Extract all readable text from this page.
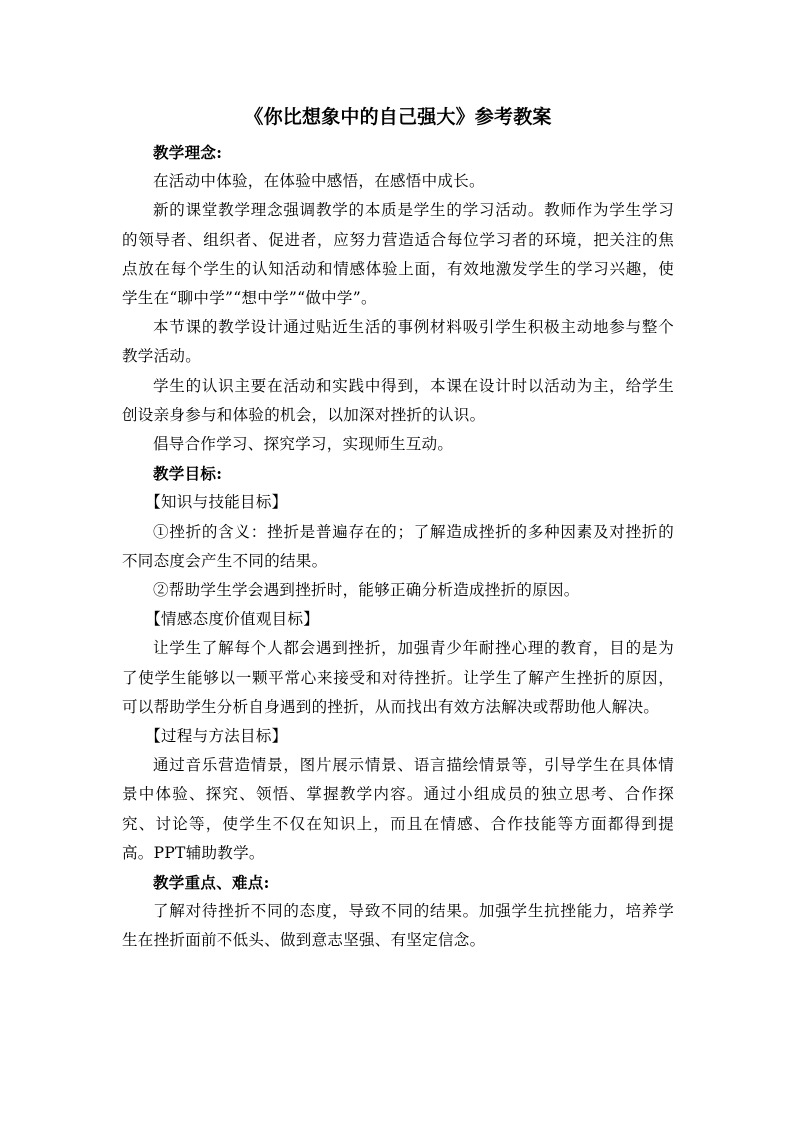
《你比想象中的自己强大》参考教案

教学理念:

在活动中体验，在体验中感悟，在感悟中成长。

新的课堂教学理念强调教学的本质是学生的学习活动。教师作为学生学习的领导者、组织者、促进者，应努力营造适合每位学习者的环境，把关注的焦点放在每个学生的认知活动和情感体验上面，有效地激发学生的学习兴趣，使学生在“聊中学”“想中学”“做中学”。

本节课的教学设计通过贴近生活的事例材料吸引学生积极主动地参与整个教学活动。

学生的认识主要在活动和实践中得到，本课在设计时以活动为主，给学生创设亲身参与和体验的机会，以加深对挫折的认识。

倡导合作学习、探究学习，实现师生互动。

教学目标:

【知识与技能目标】

①挫折的含义：挫折是普遍存在的；了解造成挫折的多种因素及对挫折的不同态度会产生不同的结果。

②帮助学生学会遇到挫折时，能够正确分析造成挫折的原因。

【情感态度价值观目标】

让学生了解每个人都会遇到挫折，加强青少年耐挫心理的教育，目的是为了使学生能够以一颗平常心来接受和对待挫折。让学生了解产生挫折的原因，可以帮助学生分析自身遇到的挫折，从而找出有效方法解决或帮助他人解决。

【过程与方法目标】

通过音乐营造情景，图片展示情景、语言描绘情景等，引导学生在具体情景中体验、探究、领悟、掌握教学内容。通过小组成员的独立思考、合作探究、讨论等，使学生不仅在知识上，而且在情感、合作技能等方面都得到提高。PPT辅助教学。

教学重点、难点:

了解对待挫折不同的态度，导致不同的结果。加强学生抗挫能力，培养学生在挫折面前不低头、做到意志坚强、有坚定信念。
